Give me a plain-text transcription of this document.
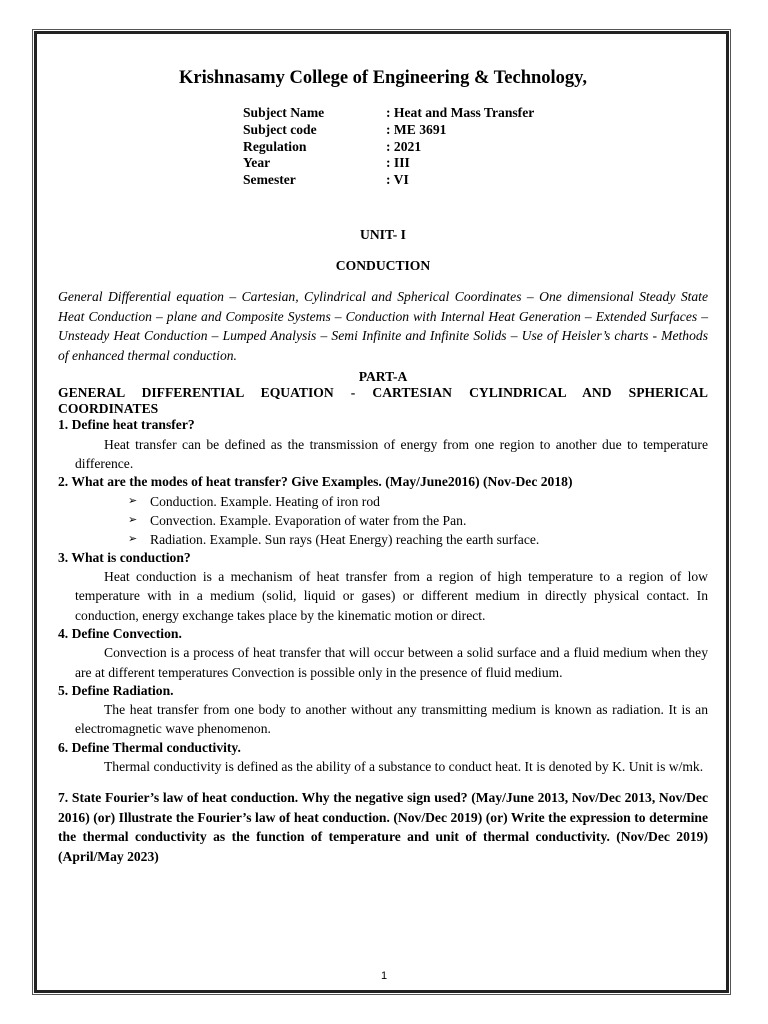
Krishnasamy College of Engineering & Technology,
Subject Name	: Heat and Mass Transfer
Subject code	: ME 3691
Regulation	: 2021
Year	: III
Semester	: VI
UNIT- I
CONDUCTION
General Differential equation – Cartesian, Cylindrical and Spherical Coordinates – One dimensional Steady State Heat Conduction – plane and Composite Systems – Conduction with Internal Heat Generation – Extended Surfaces – Unsteady Heat Conduction – Lumped Analysis – Semi Infinite and Infinite Solids – Use of Heisler’s charts - Methods of enhanced thermal conduction.
PART-A
GENERAL DIFFERENTIAL EQUATION - CARTESIAN CYLINDRICAL AND SPHERICAL COORDINATES
1. Define heat transfer?
Heat transfer can be defined as the transmission of energy from one region to another due to temperature difference.
2. What are the modes of heat transfer? Give Examples. (May/June2016) (Nov-Dec 2018)
➢ Conduction. Example. Heating of iron rod
➢ Convection. Example. Evaporation of water from the Pan.
➢ Radiation. Example. Sun rays (Heat Energy) reaching the earth surface.
3. What is conduction?
Heat conduction is a mechanism of heat transfer from a region of high temperature to a region of low temperature with in a medium (solid, liquid or gases) or different medium in directly physical contact. In conduction, energy exchange takes place by the kinematic motion or direct.
4. Define Convection.
Convection is a process of heat transfer that will occur between a solid surface and a fluid medium when they are at different temperatures Convection is possible only in the presence of fluid medium.
5. Define Radiation.
The heat transfer from one body to another without any transmitting medium is known as radiation. It is an electromagnetic wave phenomenon.
6. Define Thermal conductivity.
Thermal conductivity is defined as the ability of a substance to conduct heat. It is denoted by K. Unit is w/mk.
7. State Fourier’s law of heat conduction. Why the negative sign used? (May/June 2013, Nov/Dec 2013, Nov/Dec 2016) (or) Illustrate the Fourier’s law of heat conduction. (Nov/Dec 2019) (or) Write the expression to determine the thermal conductivity as the function of temperature and unit of thermal conductivity. (Nov/Dec 2019) (April/May 2023)
1
